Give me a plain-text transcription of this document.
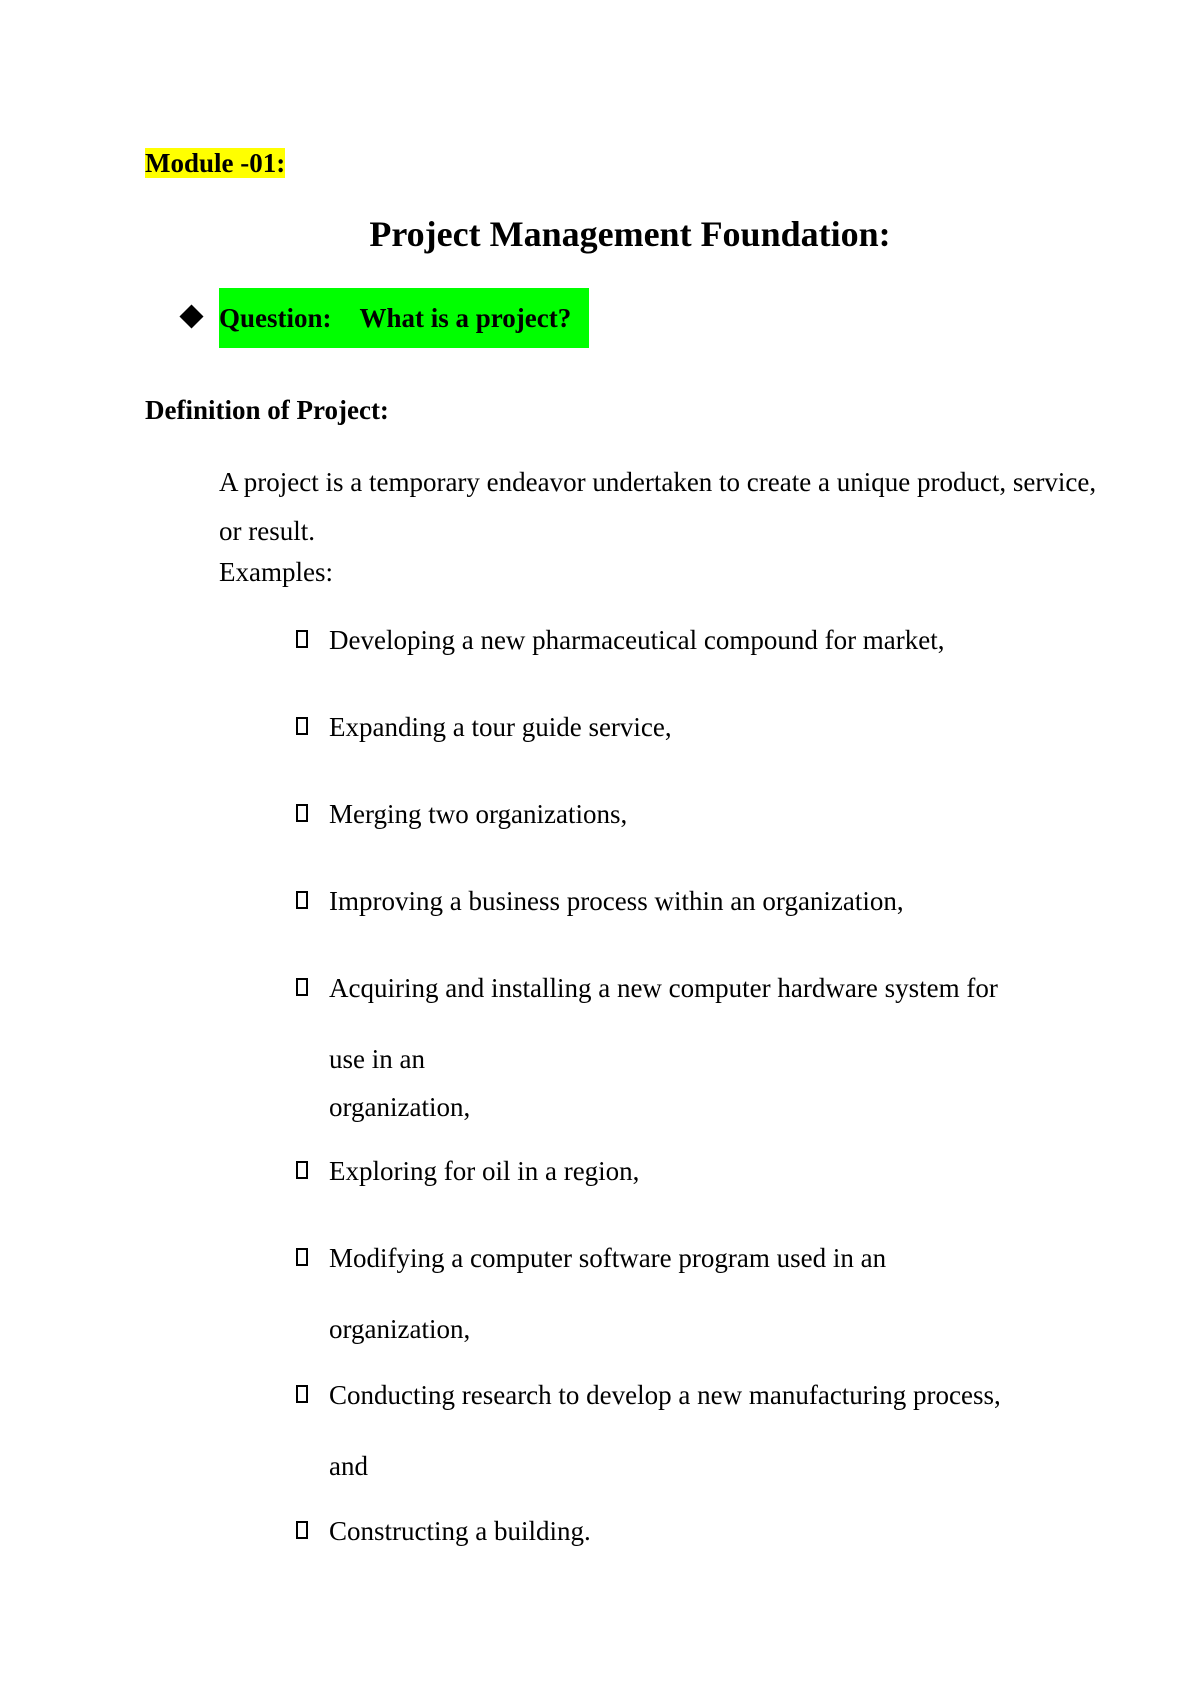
Module -01:
Project Management Foundation:
Question: What is a project?
Definition of Project:
A project is a temporary endeavor undertaken to create a unique product, service, or result.
Examples:
Developing a new pharmaceutical compound for market,
Expanding a tour guide service,
Merging two organizations,
Improving a business process within an organization,
Acquiring and installing a new computer hardware system for
use in an
organization,
Exploring for oil in a region,
Modifying a computer software program used in an
organization,
Conducting research to develop a new manufacturing process,
and
Constructing a building.
